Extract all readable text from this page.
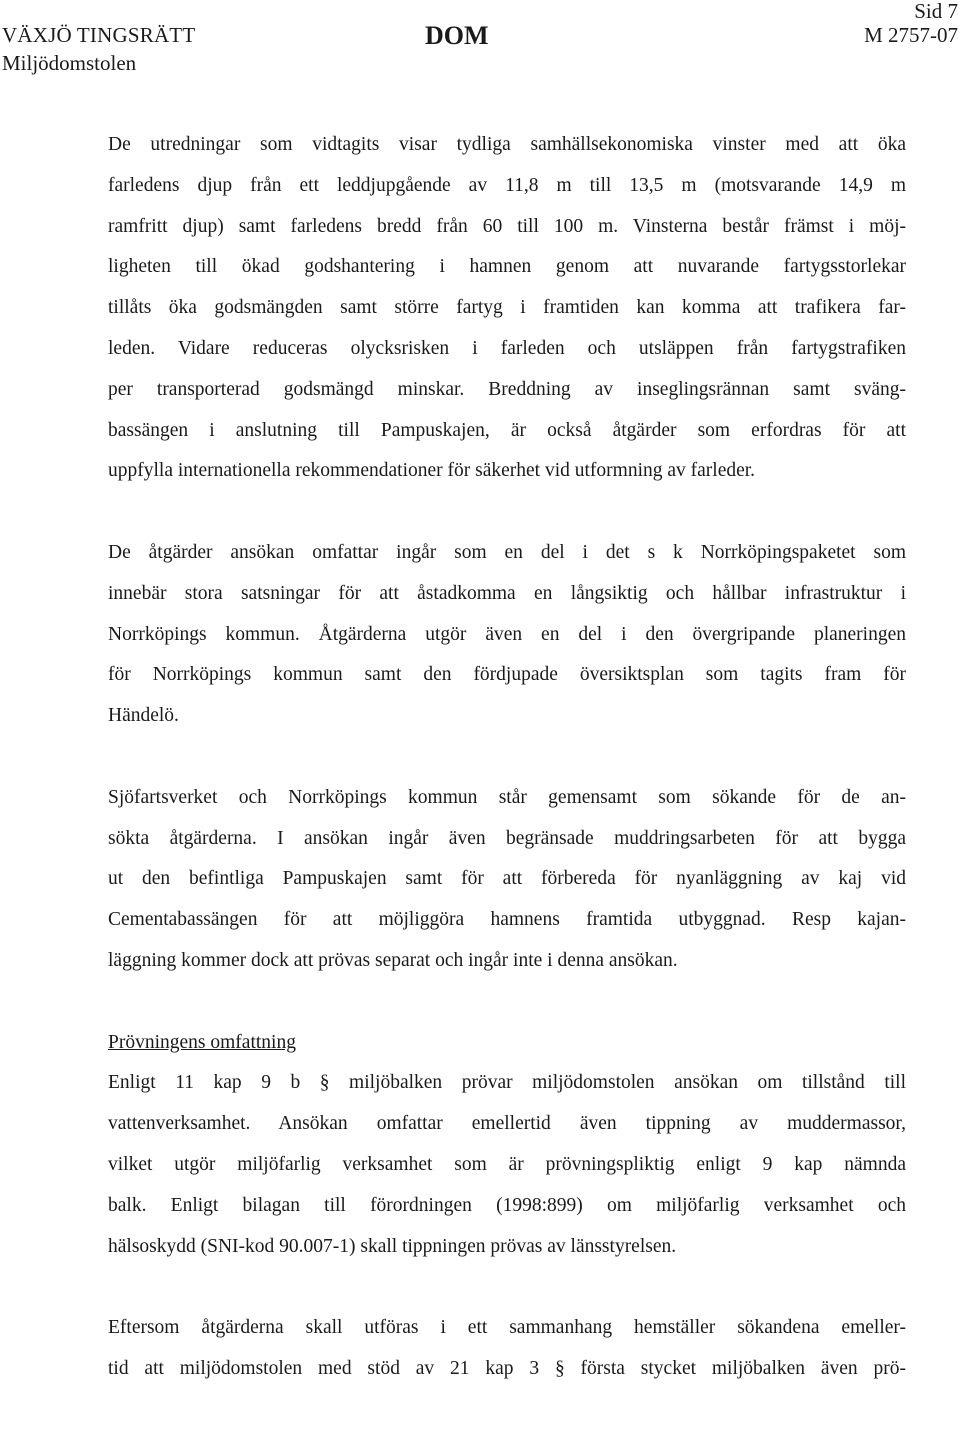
VÄXJÖ TINGSRÄTT
Miljödomstolen
DOM
Sid 7
M 2757-07
De utredningar som vidtagits visar tydliga samhällsekonomiska vinster med att öka
farledens djup från ett leddjupgående av 11,8 m till 13,5 m (motsvarande 14,9 m
ramfritt djup) samt farledens bredd från 60 till 100 m. Vinsterna består främst i möj-
ligheten till ökad godshantering i hamnen genom att nuvarande fartygsstorlekar
tillåts öka godsmängden samt större fartyg i framtiden kan komma att trafikera far-
leden. Vidare reduceras olycksrisken i farleden och utsläppen från fartygstrafiken
per transporterad godsmängd minskar. Breddning av inseglingsrännan samt sväng-
bassängen i anslutning till Pampuskajen, är också åtgärder som erfordras för att
uppfylla internationella rekommendationer för säkerhet vid utformning av farleder.
De åtgärder ansökan omfattar ingår som en del i det s k Norrköpingspaketet som
innebär stora satsningar för att åstadkomma en långsiktig och hållbar infrastruktur i
Norrköpings kommun. Åtgärderna utgör även en del i den övergripande planeringen
för Norrköpings kommun samt den fördjupade översiktsplan som tagits fram för
Händelö.
Sjöfartsverket och Norrköpings kommun står gemensamt som sökande för de an-
sökta åtgärderna. I ansökan ingår även begränsade muddringsarbeten för att bygga
ut den befintliga Pampuskajen samt för att förbereda för nyanläggning av kaj vid
Cementabassängen för att möjliggöra hamnens framtida utbyggnad. Resp kajan-
läggning kommer dock att prövas separat och ingår inte i denna ansökan.
Prövningens omfattning
Enligt 11 kap 9 b § miljöbalken prövar miljödomstolen ansökan om tillstånd till
vattenverksamhet. Ansökan omfattar emellertid även tippning av muddermassor,
vilket utgör miljöfarlig verksamhet som är prövningspliktig enligt 9 kap nämnda
balk. Enligt bilagan till förordningen (1998:899) om miljöfarlig verksamhet och
hälsoskydd (SNI-kod 90.007-1) skall tippningen prövas av länsstyrelsen.
Eftersom åtgärderna skall utföras i ett sammanhang hemställer sökandena emeller-
tid att miljödomstolen med stöd av 21 kap 3 § första stycket miljöbalken även prö-
